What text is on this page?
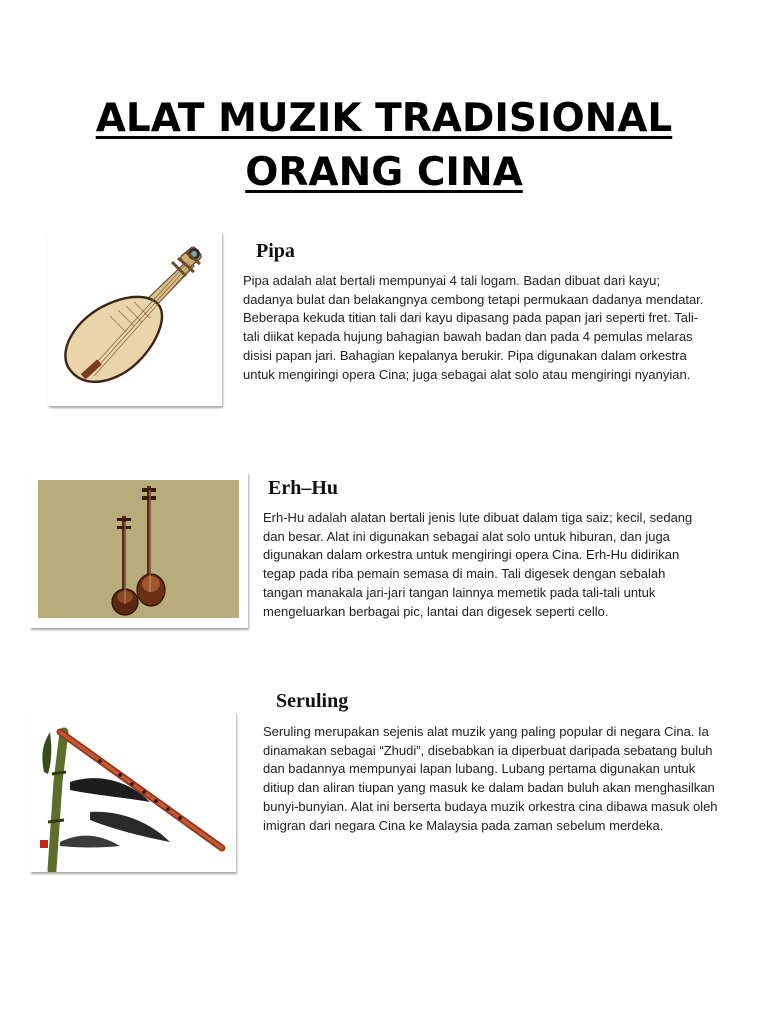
ALAT MUZIK TRADISIONAL
ORANG CINA
Pipa

Pipa adalah alat bertali mempunyai 4 tali logam. Badan dibuat dari kayu; dadanya bulat dan belakangnya cembong tetapi permukaan dadanya mendatar. Beberapa kekuda titian tali dari kayu dipasang pada papan jari seperti fret. Tali-tali diikat kepada hujung bahagian bawah badan dan pada 4 pemulas melaras disisi papan jari. Bahagian kepalanya berukir. Pipa digunakan dalam orkestra untuk mengiringi opera Cina; juga sebagai alat solo atau mengiringi nyanyian.

Erh–Hu

Erh-Hu adalah alatan bertali jenis lute dibuat dalam tiga saiz; kecil, sedang dan besar. Alat ini digunakan sebagai alat solo untuk hiburan, dan juga digunakan dalam orkestra untuk mengiringi opera Cina. Erh-Hu didirikan tegap pada riba pemain semasa di main. Tali digesek dengan sebalah tangan manakala jari-jari tangan lainnya memetik pada tali-tali untuk mengeluarkan berbagai pic, lantai dan digesek seperti cello.

Seruling

Seruling merupakan sejenis alat muzik yang paling popular di negara Cina. Ia dinamakan sebagai “Zhudi”, disebabkan ia diperbuat daripada sebatang buluh dan badannya mempunyai lapan lubang. Lubang pertama digunakan untuk ditiup dan aliran tiupan yang masuk ke dalam badan buluh akan menghasilkan bunyi-bunyian. Alat ini berserta budaya muzik orkestra cina dibawa masuk oleh imigran dari negara Cina ke Malaysia pada zaman sebelum merdeka.
